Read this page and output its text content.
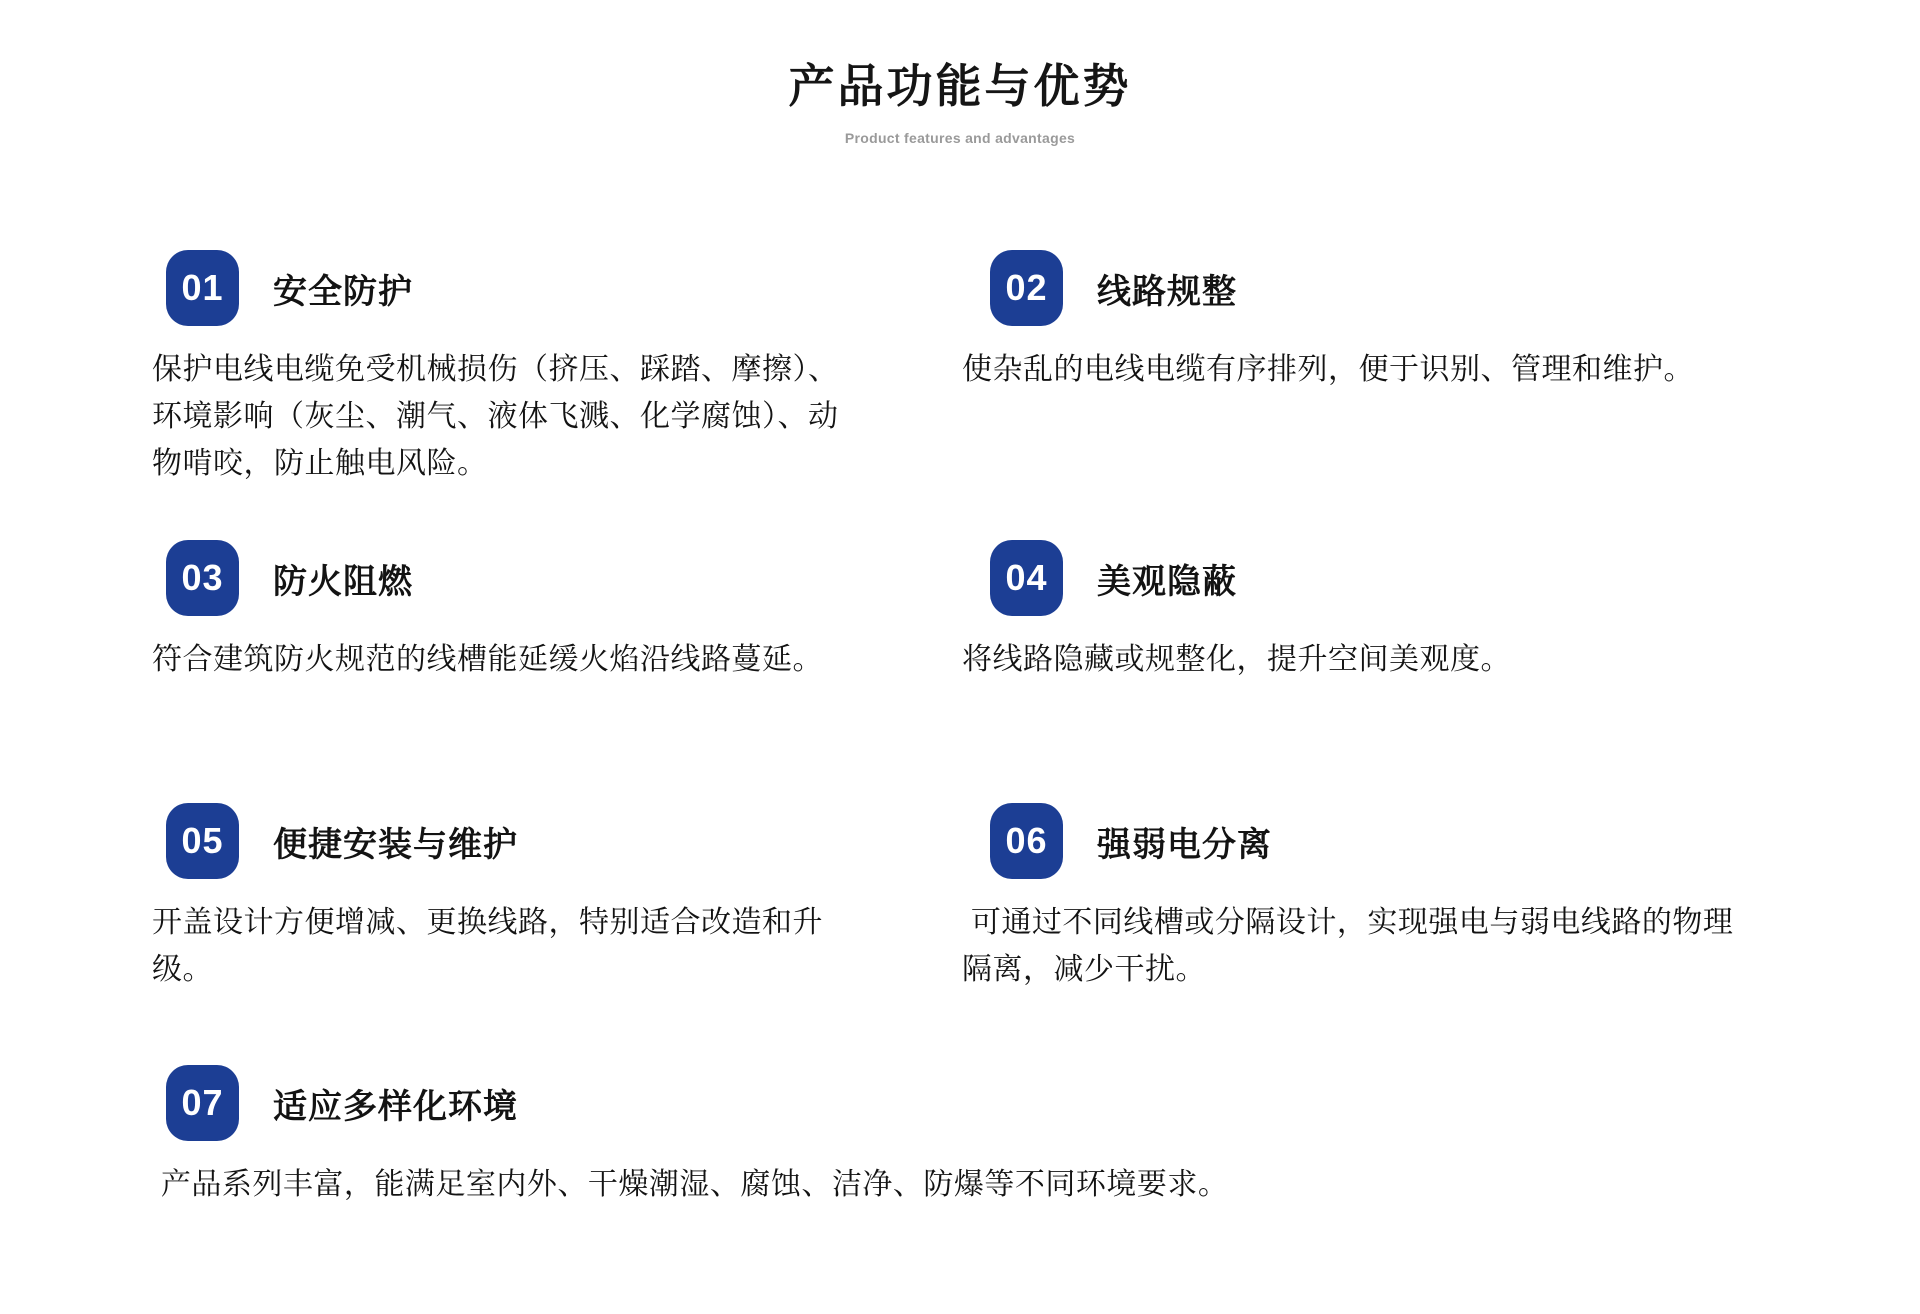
产品功能与优势
Product features and advantages
01	安全防护

保护电线电缆免受机械损伤（挤压、踩踏、摩擦）、环境影响（灰尘、潮气、液体飞溅、化学腐蚀）、动物啃咬，防止触电风险。

02	线路规整

使杂乱的电线电缆有序排列，便于识别、管理和维护。

03	防火阻燃

符合建筑防火规范的线槽能延缓火焰沿线路蔓延。

04	美观隐蔽

将线路隐藏或规整化，提升空间美观度。

05	便捷安装与维护

开盖设计方便增减、更换线路，特别适合改造和升级。

06	强弱电分离

可通过不同线槽或分隔设计，实现强电与弱电线路的物理隔离，减少干扰。

07	适应多样化环境

产品系列丰富，能满足室内外、干燥潮湿、腐蚀、洁净、防爆等不同环境要求。
